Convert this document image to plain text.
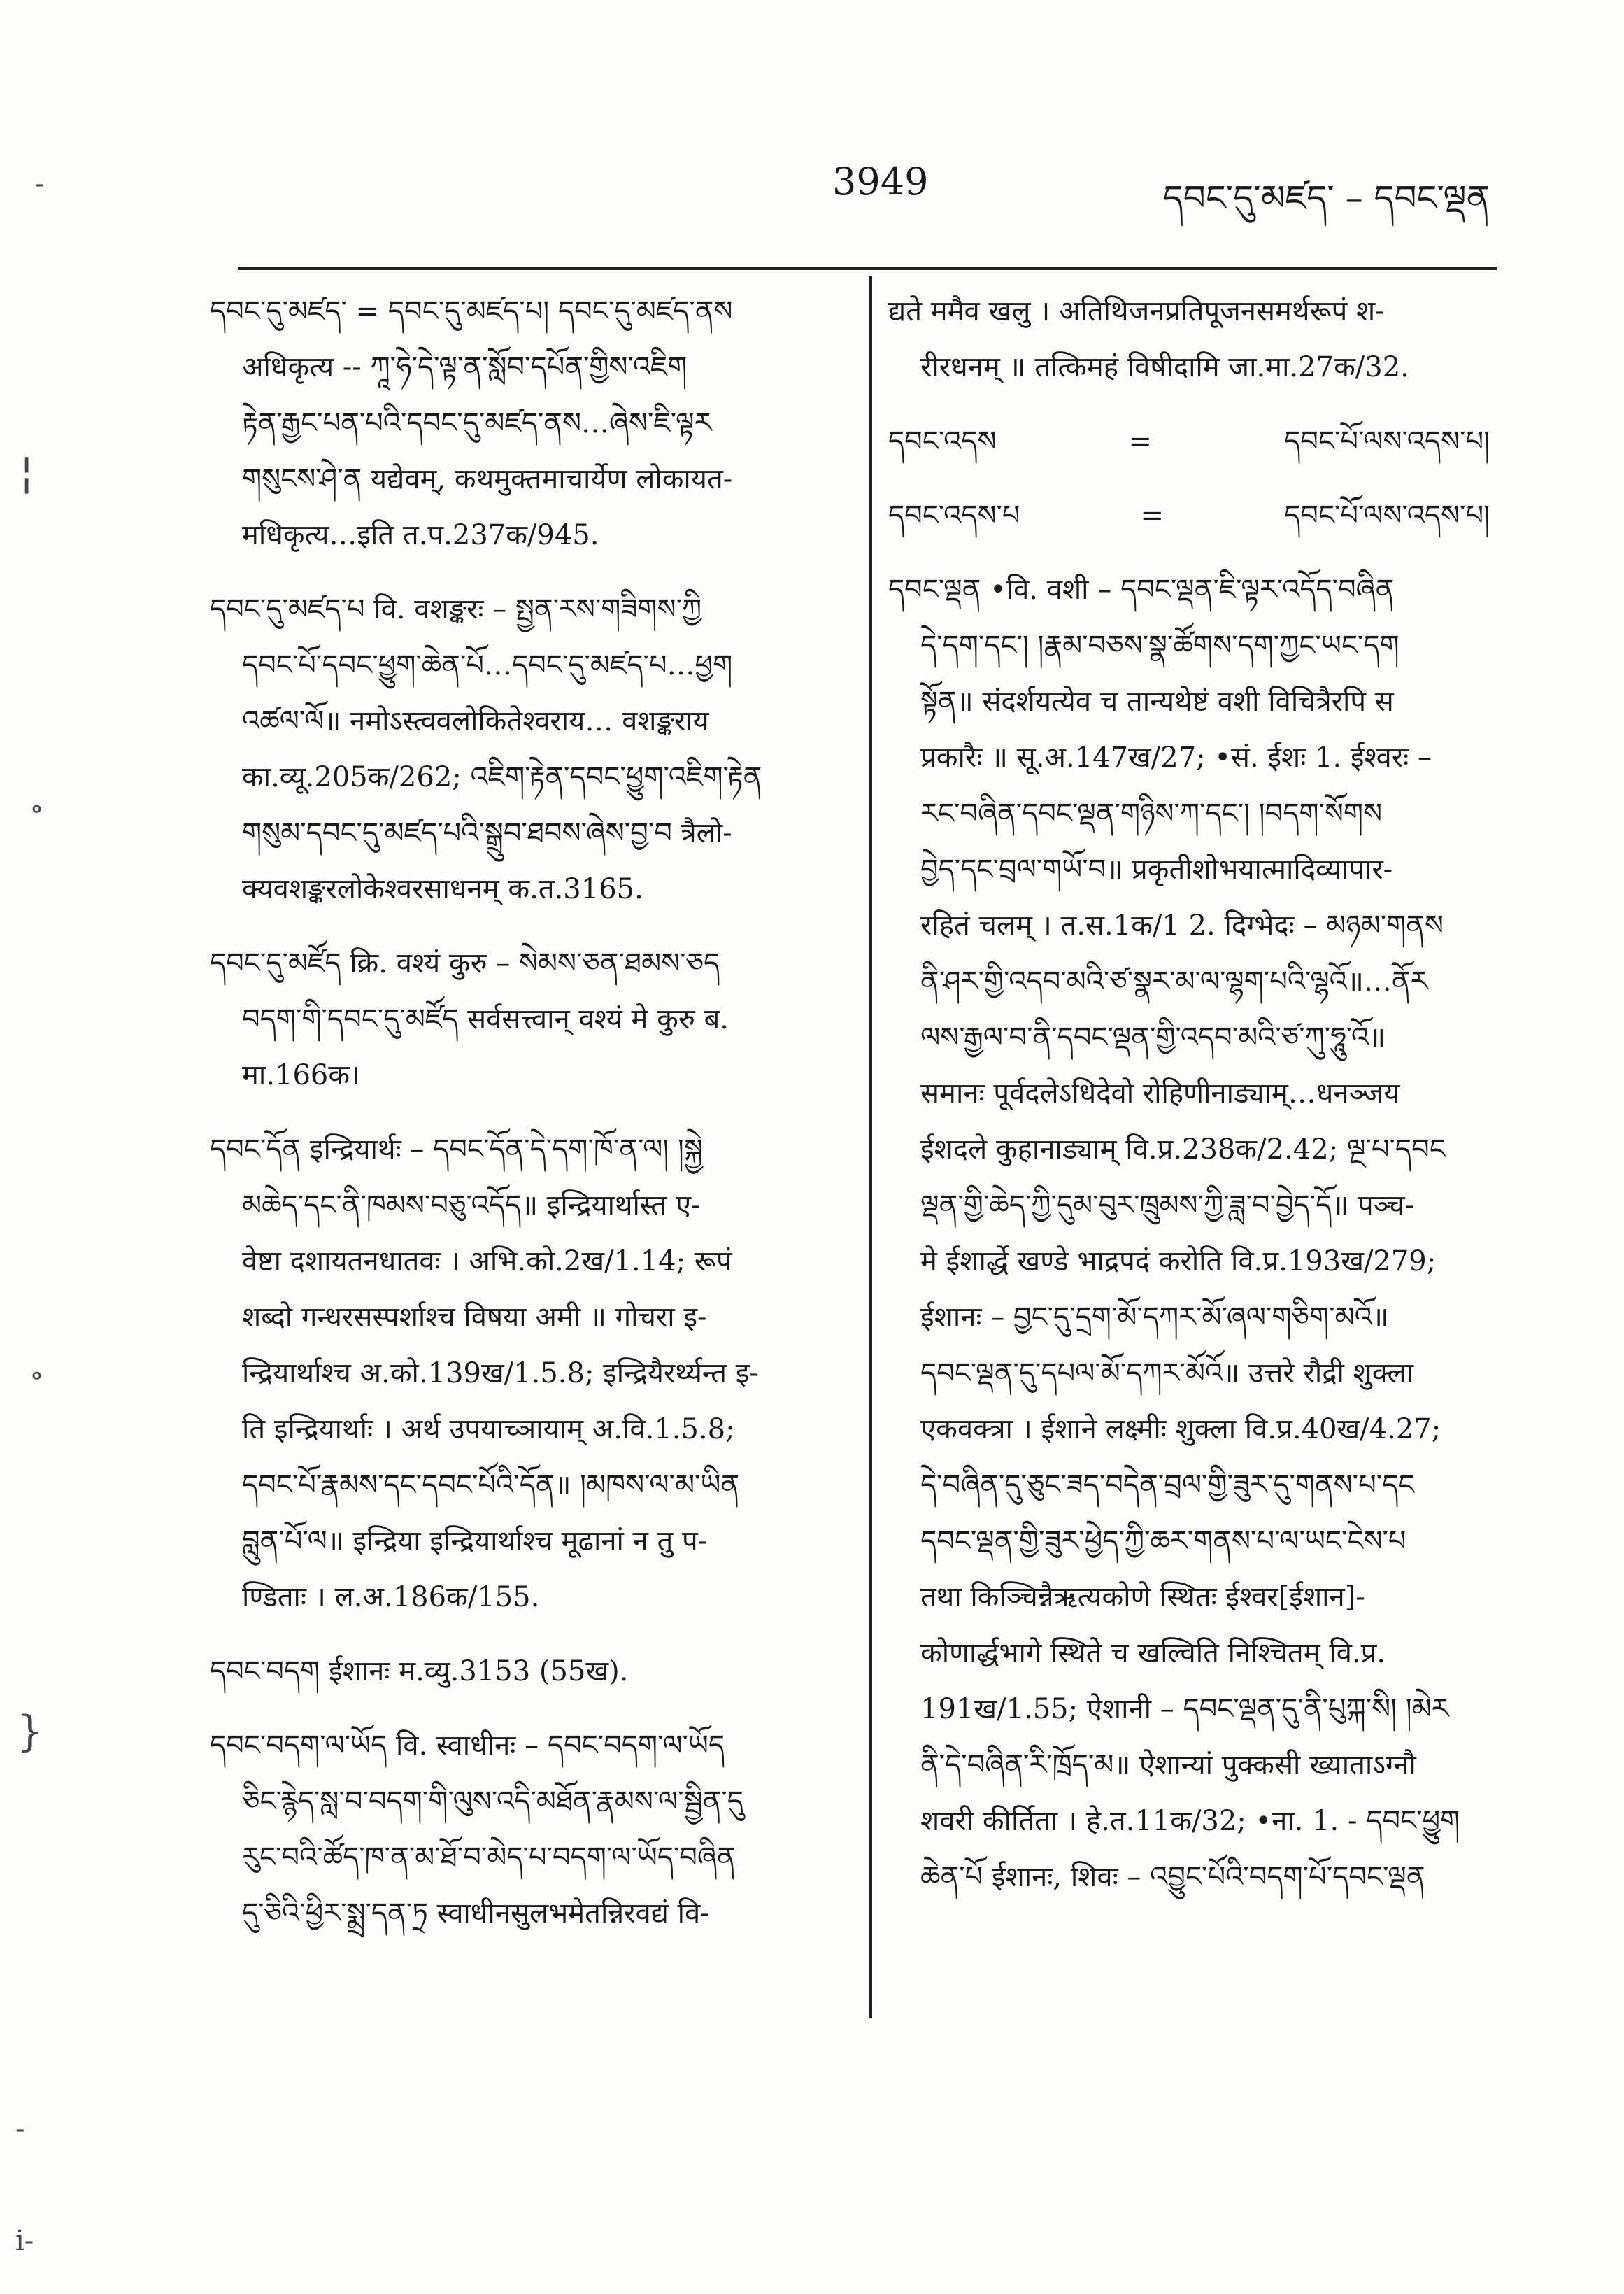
3949	དབང་དུ་མཛད་ – དབང་ལྡན
-
¦
॰
॰
}
-
i-

དབང་དུ་མཛད་ = དབང་དུ་མཛད་པ། དབང་དུ་མཛད་ནས

अधिकृत्य -- ཀཱ་ཧེ་དེ་ལྟ་ན་སློབ་དཔོན་གྱིས་འཇིག

རྟེན་རྒྱང་པན་པའི་དབང་དུ་མཛད་ནས…ཞེས་ཇི་ལྟར

གསུངས་ཤེ་ན यद्येवम्, कथमुक्तमाचार्येण लोकायत-

मधिकृत्य…इति त.प.237क/945.

དབང་དུ་མཛད་པ वि. वशङ्करः – སྤྱན་རས་གཟིགས་ཀྱི

དབང་པོ་དབང་ཕྱུག་ཆེན་པོ…དབང་དུ་མཛད་པ…ཕྱག

འཚལ་ལོ॥ नमोऽस्त्ववलोकितेश्वराय… वशङ्कराय

का.व्यू.205क/262; འཇིག་རྟེན་དབང་ཕྱུག་འཇིག་རྟེན

གསུམ་དབང་དུ་མཛད་པའི་སྒྲུབ་ཐབས་ཞེས་བྱ་བ त्रैलो-

क्यवशङ्करलोकेश्वरसाधनम् क.त.3165.

དབང་དུ་མཛོད क्रि. वश्यं कुरु – སེམས་ཅན་ཐམས་ཅད

བདག་གི་དབང་དུ་མཛོད सर्वसत्त्वान् वश्यं मे कुरु ब.

मा.166क।

དབང་དོན इन्द्रियार्थः – དབང་དོན་དེ་དག་ཁོ་ན་ལ། །སྐྱེ

མཆེད་དང་ནི་ཁམས་བཅུ་འདོད॥ इन्द्रियार्थास्त ए-

वेष्टा दशायतनधातवः । अभि.को.2ख/1.14; रूपं

शब्दो गन्धरसस्पर्शाश्च विषया अमी ॥ गोचरा इ-

न्द्रियार्थाश्च अ.को.139ख/1.5.8; इन्द्रियैरर्थ्यन्त इ-

ति इन्द्रियार्थाः । अर्थ उपयाच्ञायाम् अ.वि.1.5.8;

དབང་པོ་རྣམས་དང་དབང་པོའི་དོན॥ །མཁས་ལ་མ་ཡིན

བླུན་པོ་ལ॥ इन्द्रिया इन्द्रियार्थाश्च मूढानां न तु प-

ण्डिताः । ल.अ.186क/155.

དབང་བདག ईशानः म.व्यु.3153 (55ख).

དབང་བདག་ལ་ཡོད वि. स्वाधीनः – དབང་བདག་ལ་ཡོད

ཅིང་རྙེད་སླ་བ་བདག་གི་ལུས་འདི་མཐོན་རྣམས་ལ་སྦྱིན་དུ

རུང་བའི་ཚོད་ཁ་ན་མ་ཐོ་བ་མེད་པ་བདག་ལ་ཡོད་བཞིན

དུ་ཅིའི་ཕྱིར་སྨྲ་དན་ཏྲ स्वाधीनसुलभमेतन्निरवद्यं वि-

द्यते ममैव खलु । अतिथिजनप्रतिपूजनसमर्थरूपं श-

रीरधनम् ॥ तत्किमहं विषीदामि जा.मा.27क/32.

དབང་འདས	=	དབང་པོ་ལས་འདས་པ།
དབང་འདས་པ	=	དབང་པོ་ལས་འདས་པ།

དབང་ལྡན •वि. वशी – དབང་ལྡན་ཇི་ལྟར་འདོད་བཞིན

དེ་དག་དང་། །རྣམ་བཅས་སྣ་ཚོགས་དག་ཀྱང་ཡང་དག

སྟོན॥ संदर्शयत्येव च तान्यथेष्टं वशी विचित्रैरपि स

प्रकारैः ॥ सू.अ.147ख/27; •सं. ईशः 1. ईश्वरः –

རང་བཞིན་དབང་ལྡན་གཉིས་ཀ་དང་། །བདག་སོགས

བྱེད་དང་བྲལ་གཡོ་བ॥ प्रकृतीशोभयात्मादिव्यापार-

रहितं चलम् । त.स.1क/1 2. दिग्भेदः – མཉམ་གནས

ནི་ཤར་གྱི་འདབ་མའི་ཙ་སྣར་མ་ལ་ལྷག་པའི་ལྷའོ॥…ནོར

ལས་རྒྱལ་བ་ནི་དབང་ལྡན་གྱི་འདབ་མའི་ཙ་ཀུ་ཧཱུ་འོ॥

समानः पूर्वदलेऽधिदेवो रोहिणीनाड्याम्…धनञ्जय

ईशदले कुहानाड्याम् वि.प्र.238क/2.42; ལྔ་པ་དབང

ལྡན་གྱི་ཆེད་ཀྱི་དུམ་བུར་ཁྲུམས་ཀྱི་ཟླ་བ་བྱེད་དོ॥ पञ्च-

मे ईशार्द्धे खण्डे भाद्रपदं करोति वि.प्र.193ख/279;

ईशानः – བྱང་དུ་དྲག་མོ་དཀར་མོ་ཞལ་གཅིག་མའོ॥

དབང་ལྡན་དུ་དཔལ་མོ་དཀར་མོའོ॥ उत्तरे रौद्री शुक्ला

एकवक्त्रा । ईशाने लक्ष्मीः शुक्ला वि.प्र.40ख/4.27;

དེ་བཞིན་དུ་ཅུང་ཟད་བདེན་བྲལ་གྱི་ཟུར་དུ་གནས་པ་དང

དབང་ལྡན་གྱི་ཟུར་ཕྱེད་ཀྱི་ཆར་གནས་པ་ལ་ཡང་ངེས་པ

तथा किञ्चिन्नैऋत्यकोणे स्थितः ईश्वर[ईशान]-

कोणार्द्धभागे स्थिते च खल्विति निश्चितम् वि.प्र.

191ख/1.55; ऐशानी – དབང་ལྡན་དུ་ནི་པུཀྐ་སི། །མེར

ནི་དེ་བཞིན་རི་ཁྲོད་མ॥ ऐशान्यां पुक्कसी ख्याताऽग्नौ

शवरी कीर्तिता । हे.त.11क/32; •ना. 1. - དབང་ཕྱུག

ཆེན་པོ ईशानः, शिवः – འབྱུང་པོའི་བདག་པོ་དབང་ལྡན
